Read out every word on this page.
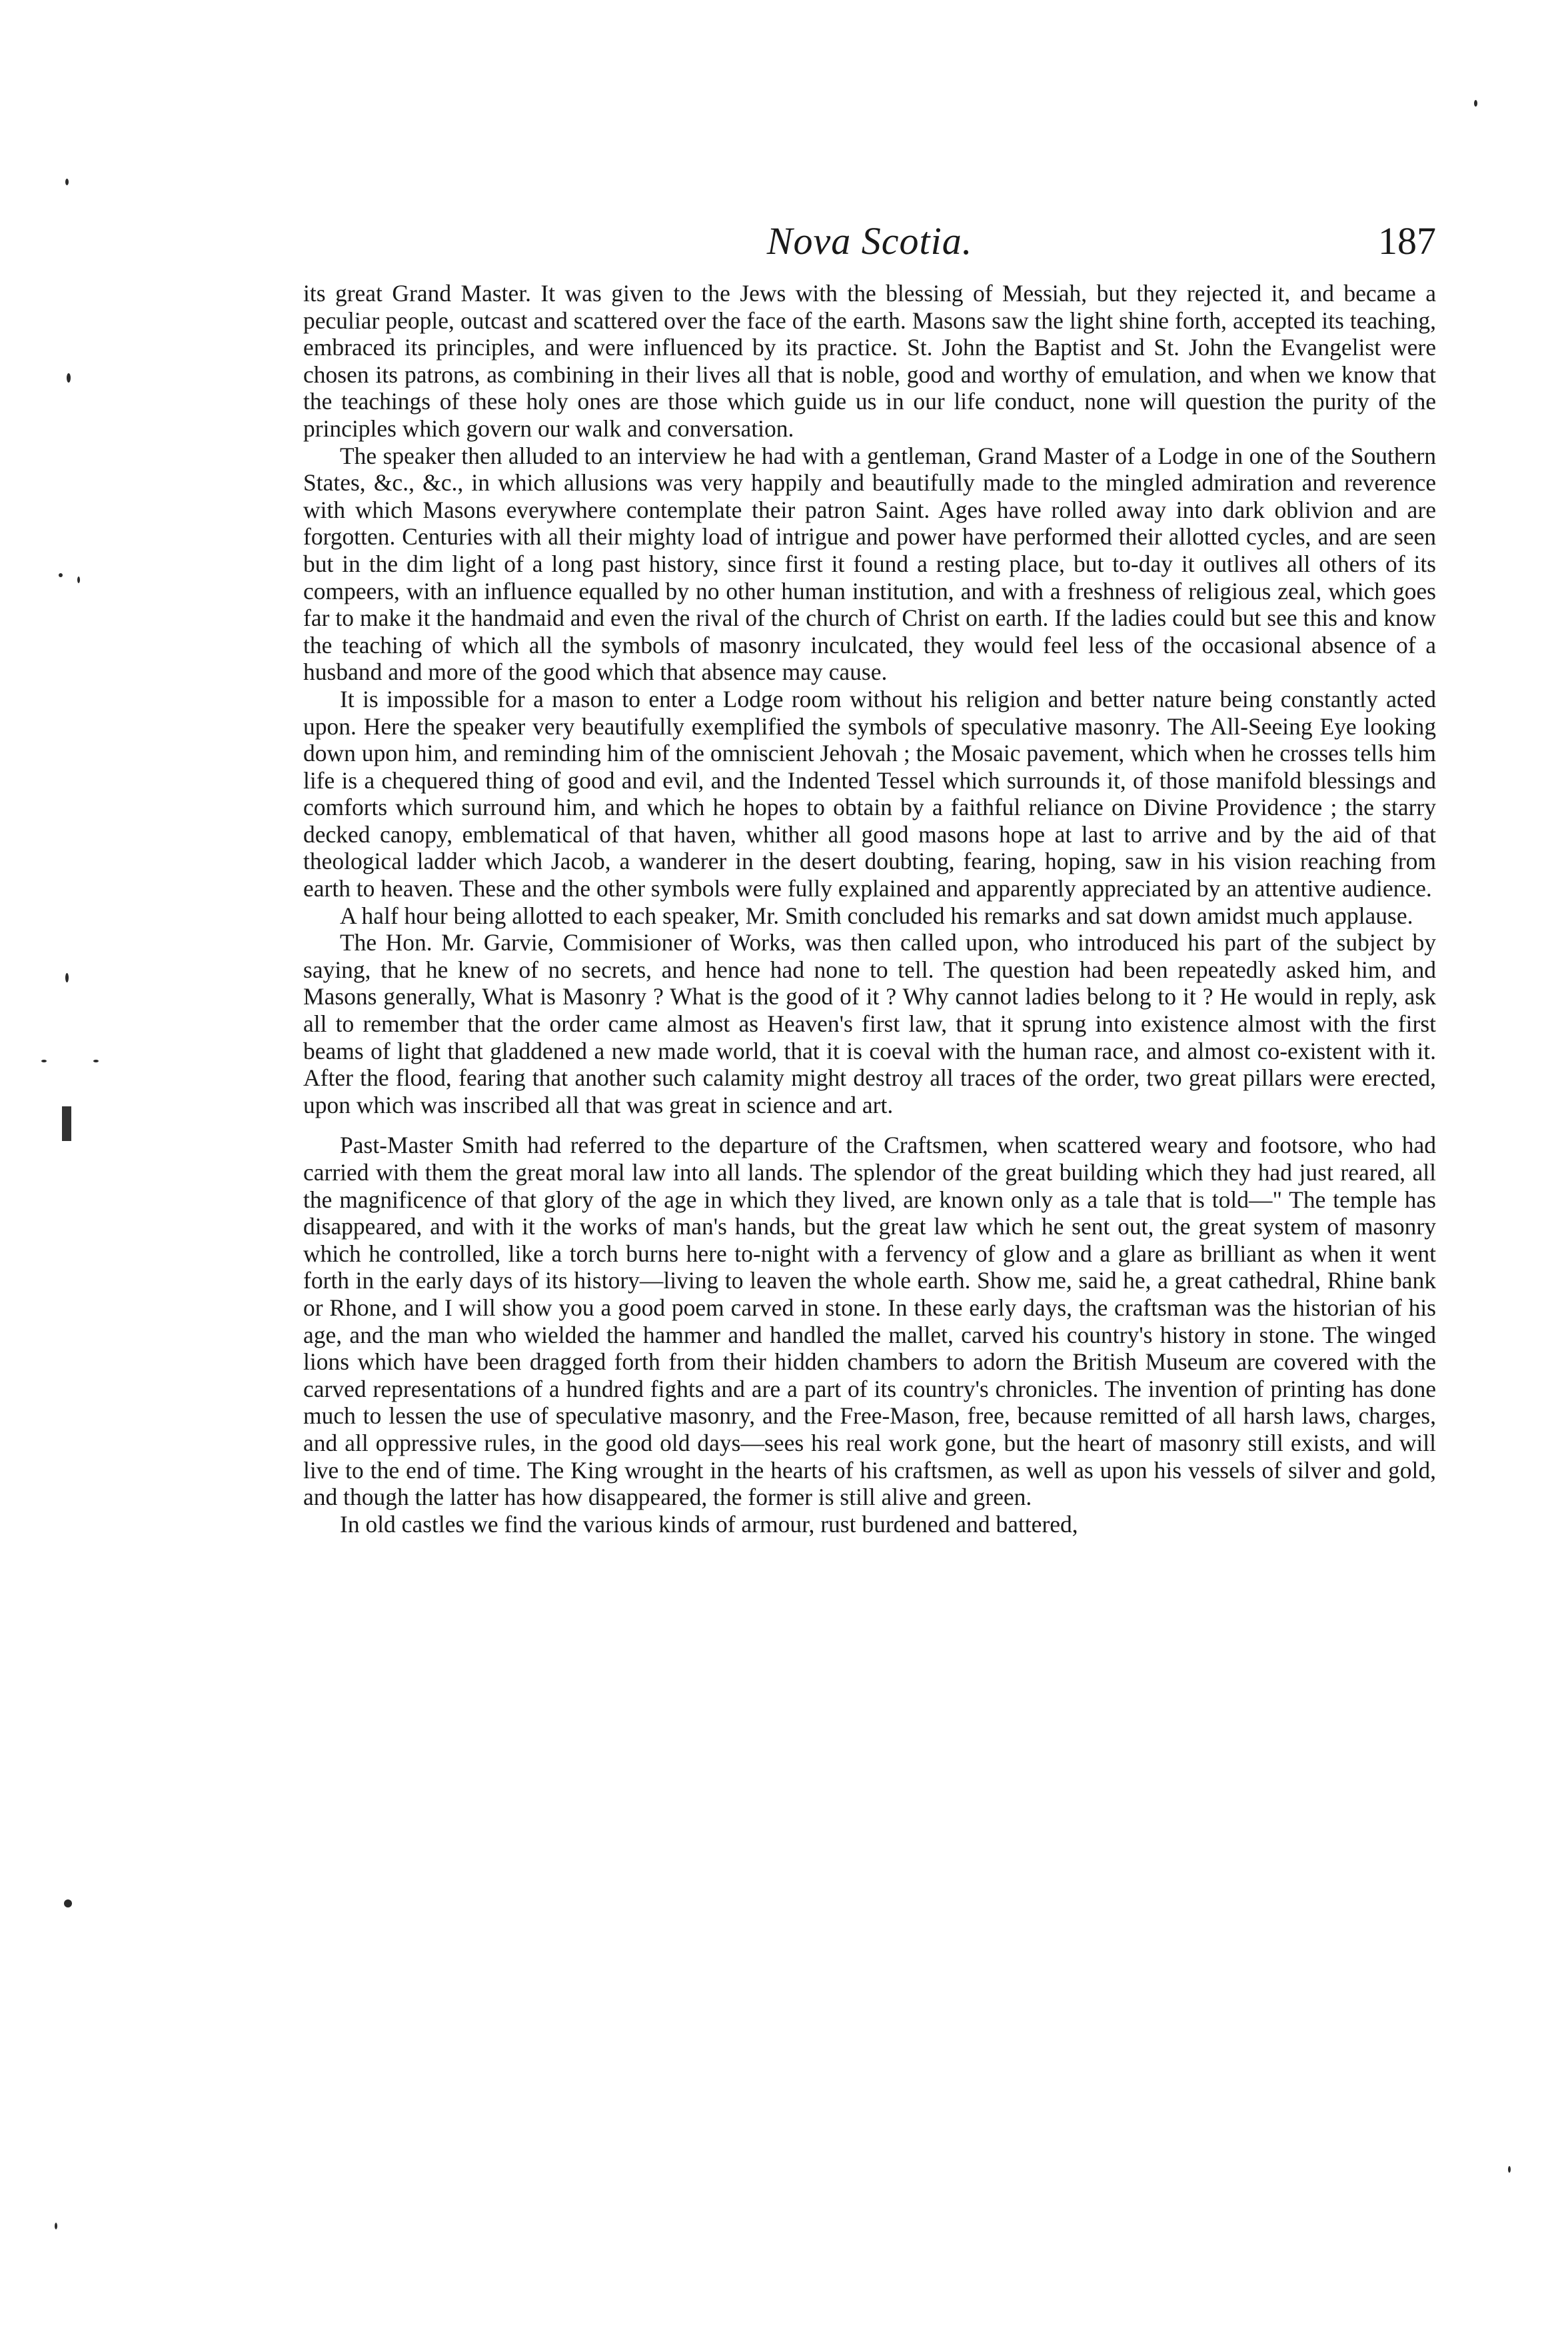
Nova Scotia.	187

its great Grand Master. It was given to the Jews with the blessing of Messiah, but they rejected it, and became a peculiar people, outcast and scattered over the face of the earth. Masons saw the light shine forth, accepted its teaching, embraced its principles, and were influenced by its practice. St. John the Baptist and St. John the Evangelist were chosen its patrons, as combining in their lives all that is noble, good and worthy of emulation, and when we know that the teachings of these holy ones are those which guide us in our life conduct, none will question the purity of the principles which govern our walk and conversation.

The speaker then alluded to an interview he had with a gentleman, Grand Master of a Lodge in one of the Southern States, &c., &c., in which allusions was very happily and beautifully made to the mingled admiration and reverence with which Masons everywhere contemplate their patron Saint. Ages have rolled away into dark oblivion and are forgotten. Centuries with all their mighty load of intrigue and power have performed their allotted cycles, and are seen but in the dim light of a long past history, since first it found a resting place, but to-day it outlives all others of its compeers, with an influence equalled by no other human institution, and with a freshness of religious zeal, which goes far to make it the handmaid and even the rival of the church of Christ on earth. If the ladies could but see this and know the teaching of which all the symbols of masonry inculcated, they would feel less of the occasional absence of a husband and more of the good which that absence may cause.

It is impossible for a mason to enter a Lodge room without his religion and better nature being constantly acted upon. Here the speaker very beautifully exemplified the symbols of speculative masonry. The All-Seeing Eye looking down upon him, and reminding him of the omniscient Jehovah ; the Mosaic pavement, which when he crosses tells him life is a chequered thing of good and evil, and the Indented Tessel which surrounds it, of those manifold blessings and comforts which surround him, and which he hopes to obtain by a faithful reliance on Divine Providence ; the starry decked canopy, emblematical of that haven, whither all good masons hope at last to arrive and by the aid of that theological ladder which Jacob, a wanderer in the desert doubting, fearing, hoping, saw in his vision reaching from earth to heaven. These and the other symbols were fully explained and apparently appreciated by an attentive audience.

A half hour being allotted to each speaker, Mr. Smith concluded his remarks and sat down amidst much applause.

The Hon. Mr. Garvie, Commisioner of Works, was then called upon, who introduced his part of the subject by saying, that he knew of no secrets, and hence had none to tell. The question had been repeatedly asked him, and Masons generally, What is Masonry ? What is the good of it ? Why cannot ladies belong to it ? He would in reply, ask all to remember that the order came almost as Heaven's first law, that it sprung into existence almost with the first beams of light that gladdened a new made world, that it is coeval with the human race, and almost co-existent with it. After the flood, fearing that another such calamity might destroy all traces of the order, two great pillars were erected, upon which was inscribed all that was great in science and art.

Past-Master Smith had referred to the departure of the Craftsmen, when scattered weary and footsore, who had carried with them the great moral law into all lands. The splendor of the great building which they had just reared, all the magnificence of that glory of the age in which they lived, are known only as a tale that is told—" The temple has disappeared, and with it the works of man's hands, but the great law which he sent out, the great system of masonry which he controlled, like a torch burns here to-night with a fervency of glow and a glare as brilliant as when it went forth in the early days of its history—living to leaven the whole earth. Show me, said he, a great cathedral, Rhine bank or Rhone, and I will show you a good poem carved in stone. In these early days, the craftsman was the historian of his age, and the man who wielded the hammer and handled the mallet, carved his country's history in stone. The winged lions which have been dragged forth from their hidden chambers to adorn the British Museum are covered with the carved representations of a hundred fights and are a part of its country's chronicles. The invention of printing has done much to lessen the use of speculative masonry, and the Free-Mason, free, because remitted of all harsh laws, charges, and all oppressive rules, in the good old days—sees his real work gone, but the heart of masonry still exists, and will live to the end of time. The King wrought in the hearts of his craftsmen, as well as upon his vessels of silver and gold, and though the latter has how disappeared, the former is still alive and green.

In old castles we find the various kinds of armour, rust burdened and battered,
